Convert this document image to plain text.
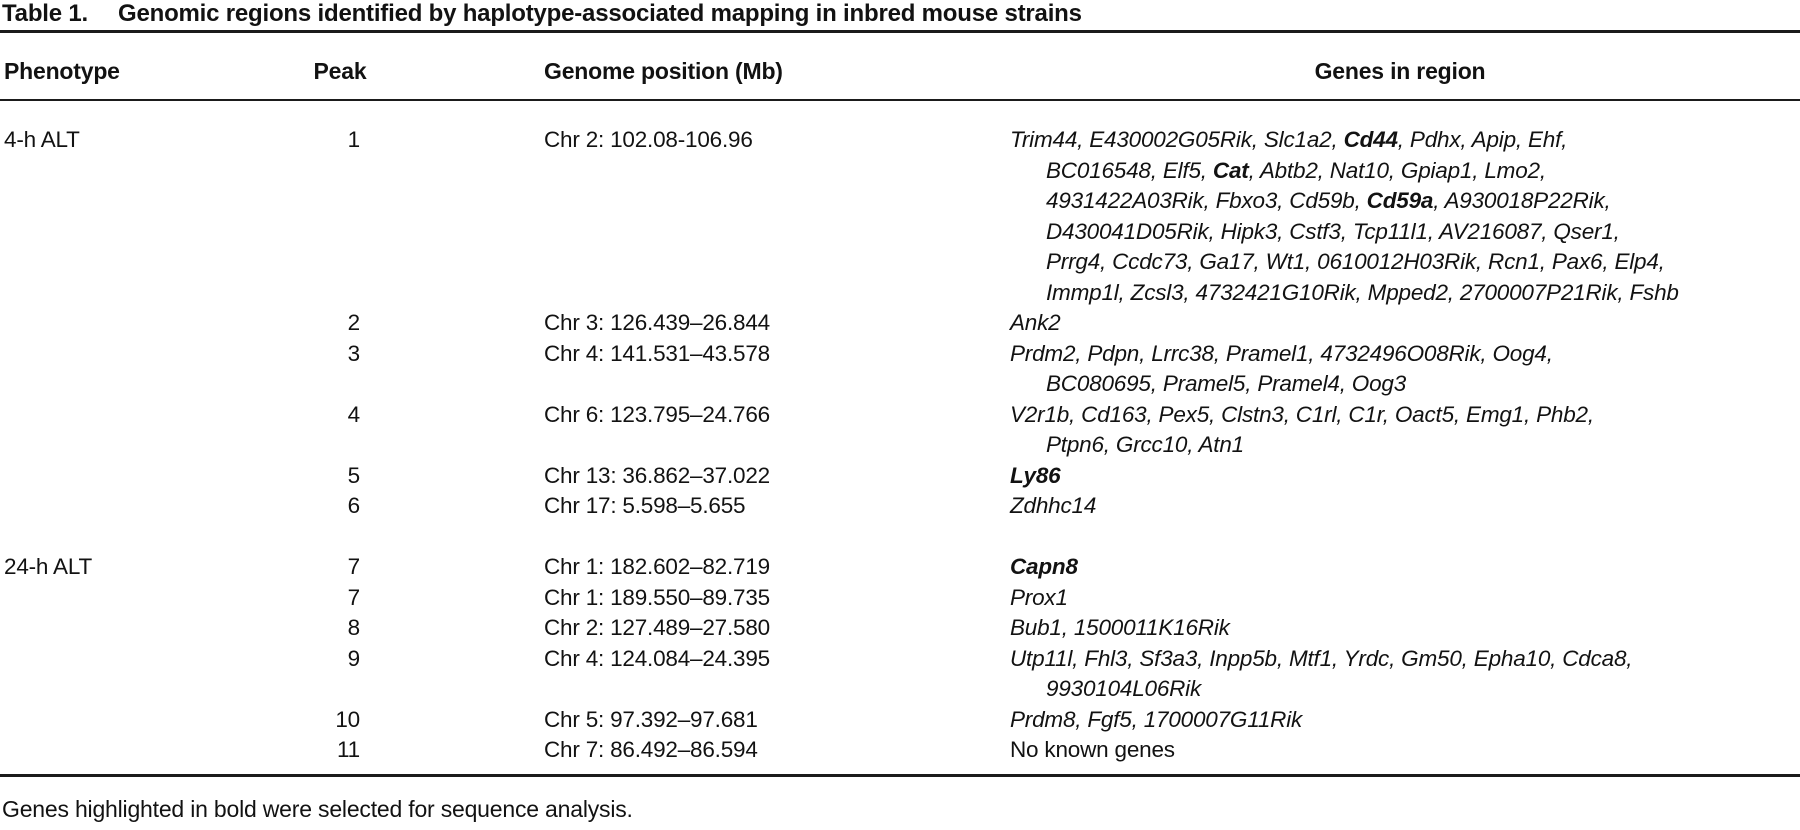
Table 1. Genomic regions identified by haplotype-associated mapping in inbred mouse strains
Phenotype	Peak	Genome position (Mb)	Genes in region
4-h ALT	1	Chr 2: 102.08-106.96	Trim44, E430002G05Rik, Slc1a2, Cd44, Pdhx, Apip, Ehf,
BC016548, Elf5, Cat, Abtb2, Nat10, Gpiap1, Lmo2,
4931422A03Rik, Fbxo3, Cd59b, Cd59a, A930018P22Rik,
D430041D05Rik, Hipk3, Cstf3, Tcp11l1, AV216087, Qser1,
Prrg4, Ccdc73, Ga17, Wt1, 0610012H03Rik, Rcn1, Pax6, Elp4,
Immp1l, Zcsl3, 4732421G10Rik, Mpped2, 2700007P21Rik, Fshb
2	Chr 3: 126.439–26.844	Ank2
3	Chr 4: 141.531–43.578	Prdm2, Pdpn, Lrrc38, Pramel1, 4732496O08Rik, Oog4,
BC080695, Pramel5, Pramel4, Oog3
4	Chr 6: 123.795–24.766	V2r1b, Cd163, Pex5, Clstn3, C1rl, C1r, Oact5, Emg1, Phb2,
Ptpn6, Grcc10, Atn1
5	Chr 13: 36.862–37.022	Ly86
6	Chr 17: 5.598–5.655	Zdhhc14
24-h ALT	7	Chr 1: 182.602–82.719	Capn8
7	Chr 1: 189.550–89.735	Prox1
8	Chr 2: 127.489–27.580	Bub1, 1500011K16Rik
9	Chr 4: 124.084–24.395	Utp11l, Fhl3, Sf3a3, Inpp5b, Mtf1, Yrdc, Gm50, Epha10, Cdca8,
9930104L06Rik
10	Chr 5: 97.392–97.681	Prdm8, Fgf5, 1700007G11Rik
11	Chr 7: 86.492–86.594	No known genes
Genes highlighted in bold were selected for sequence analysis.
